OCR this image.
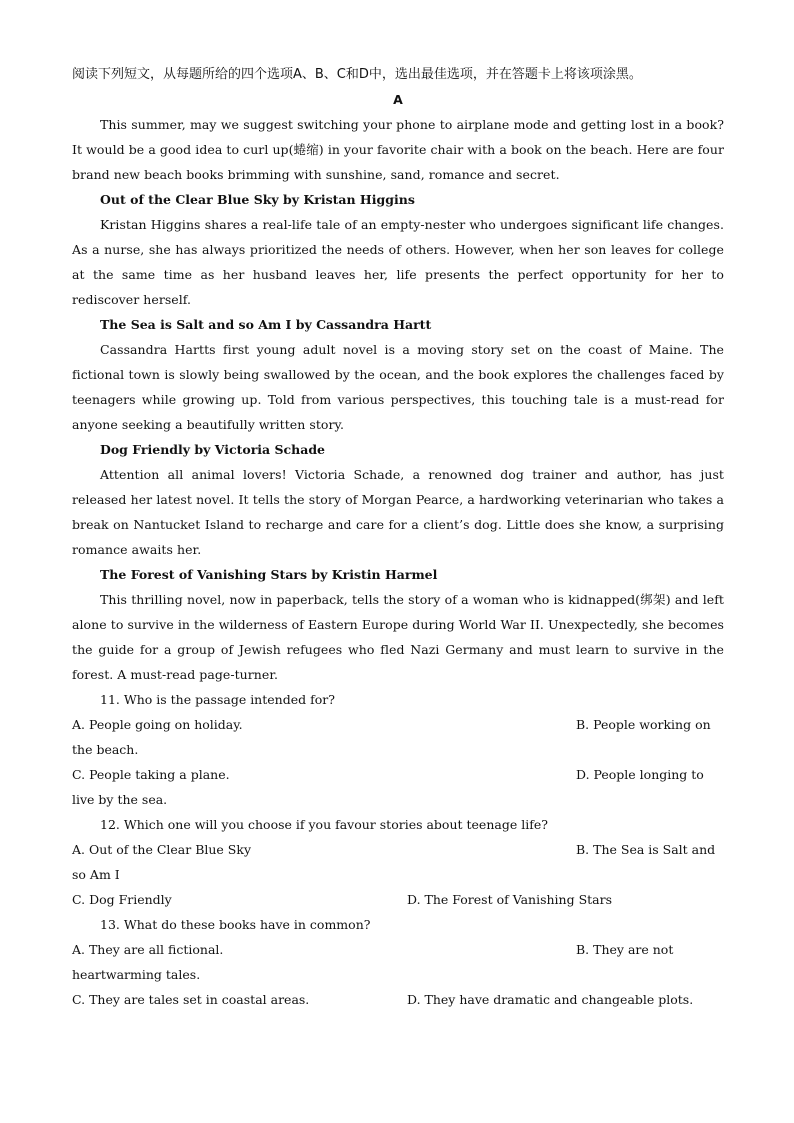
阅读下列短文，从每题所给的四个选项A、B、C和D中，选出最佳选项，并在答题卡上将该项涂黑。
A
This summer, may we suggest switching your phone to airplane mode and getting lost in a book?It would be a good idea to curl up(蜷缩) in your favorite chair with a book on the beach. Here are four brand new beach books brimming with sunshine, sand, romance and secret.
Out of the Clear Blue Sky by Kristan Higgins
Kristan Higgins shares a real-life tale of an empty-nester who undergoes significant life changes. As a nurse, she has always prioritized the needs of others. However, when her son leaves for college at the same time as her husband leaves her, life presents the perfect opportunity for her to rediscover herself.
The Sea is Salt and so Am I by Cassandra Hartt
Cassandra Hartts first young adult novel is a moving story set on the coast of Maine. The fictional town is slowly being swallowed by the ocean, and the book explores the challenges faced by teenagers while growing up. Told from various perspectives, this touching tale is a must-read for anyone seeking a beautifully written story.
Dog Friendly by Victoria Schade
Attention all animal lovers! Victoria Schade, a renowned dog trainer and author, has just released her latest novel. It tells the story of Morgan Pearce, a hardworking veterinarian who takes a break on Nantucket Island to recharge and care for a client’s dog. Little does she know, a surprising romance awaits her.
The Forest of Vanishing Stars by Kristin Harmel
This thrilling novel, now in paperback, tells the story of a woman who is kidnapped(绑架) and left alone to survive in the wilderness of Eastern Europe during World War II. Unexpectedly, she becomes the guide for a group of Jewish refugees who fled Nazi Germany and must learn to survive in the forest. A must-read page-turner.
11. Who is the passage intended for?
A. People going on holiday.	B. People working on
the beach.
C. People taking a plane.	D. People longing to
live by the sea.
12. Which one will you choose if you favour stories about teenage life?
A. Out of the Clear Blue Sky	B. The Sea is Salt and
so Am I
C. Dog Friendly	D. The Forest of Vanishing Stars
13. What do these books have in common?
A. They are all fictional.	B. They are not
heartwarming tales.
C. They are tales set in coastal areas.	D. They have dramatic and changeable plots.
